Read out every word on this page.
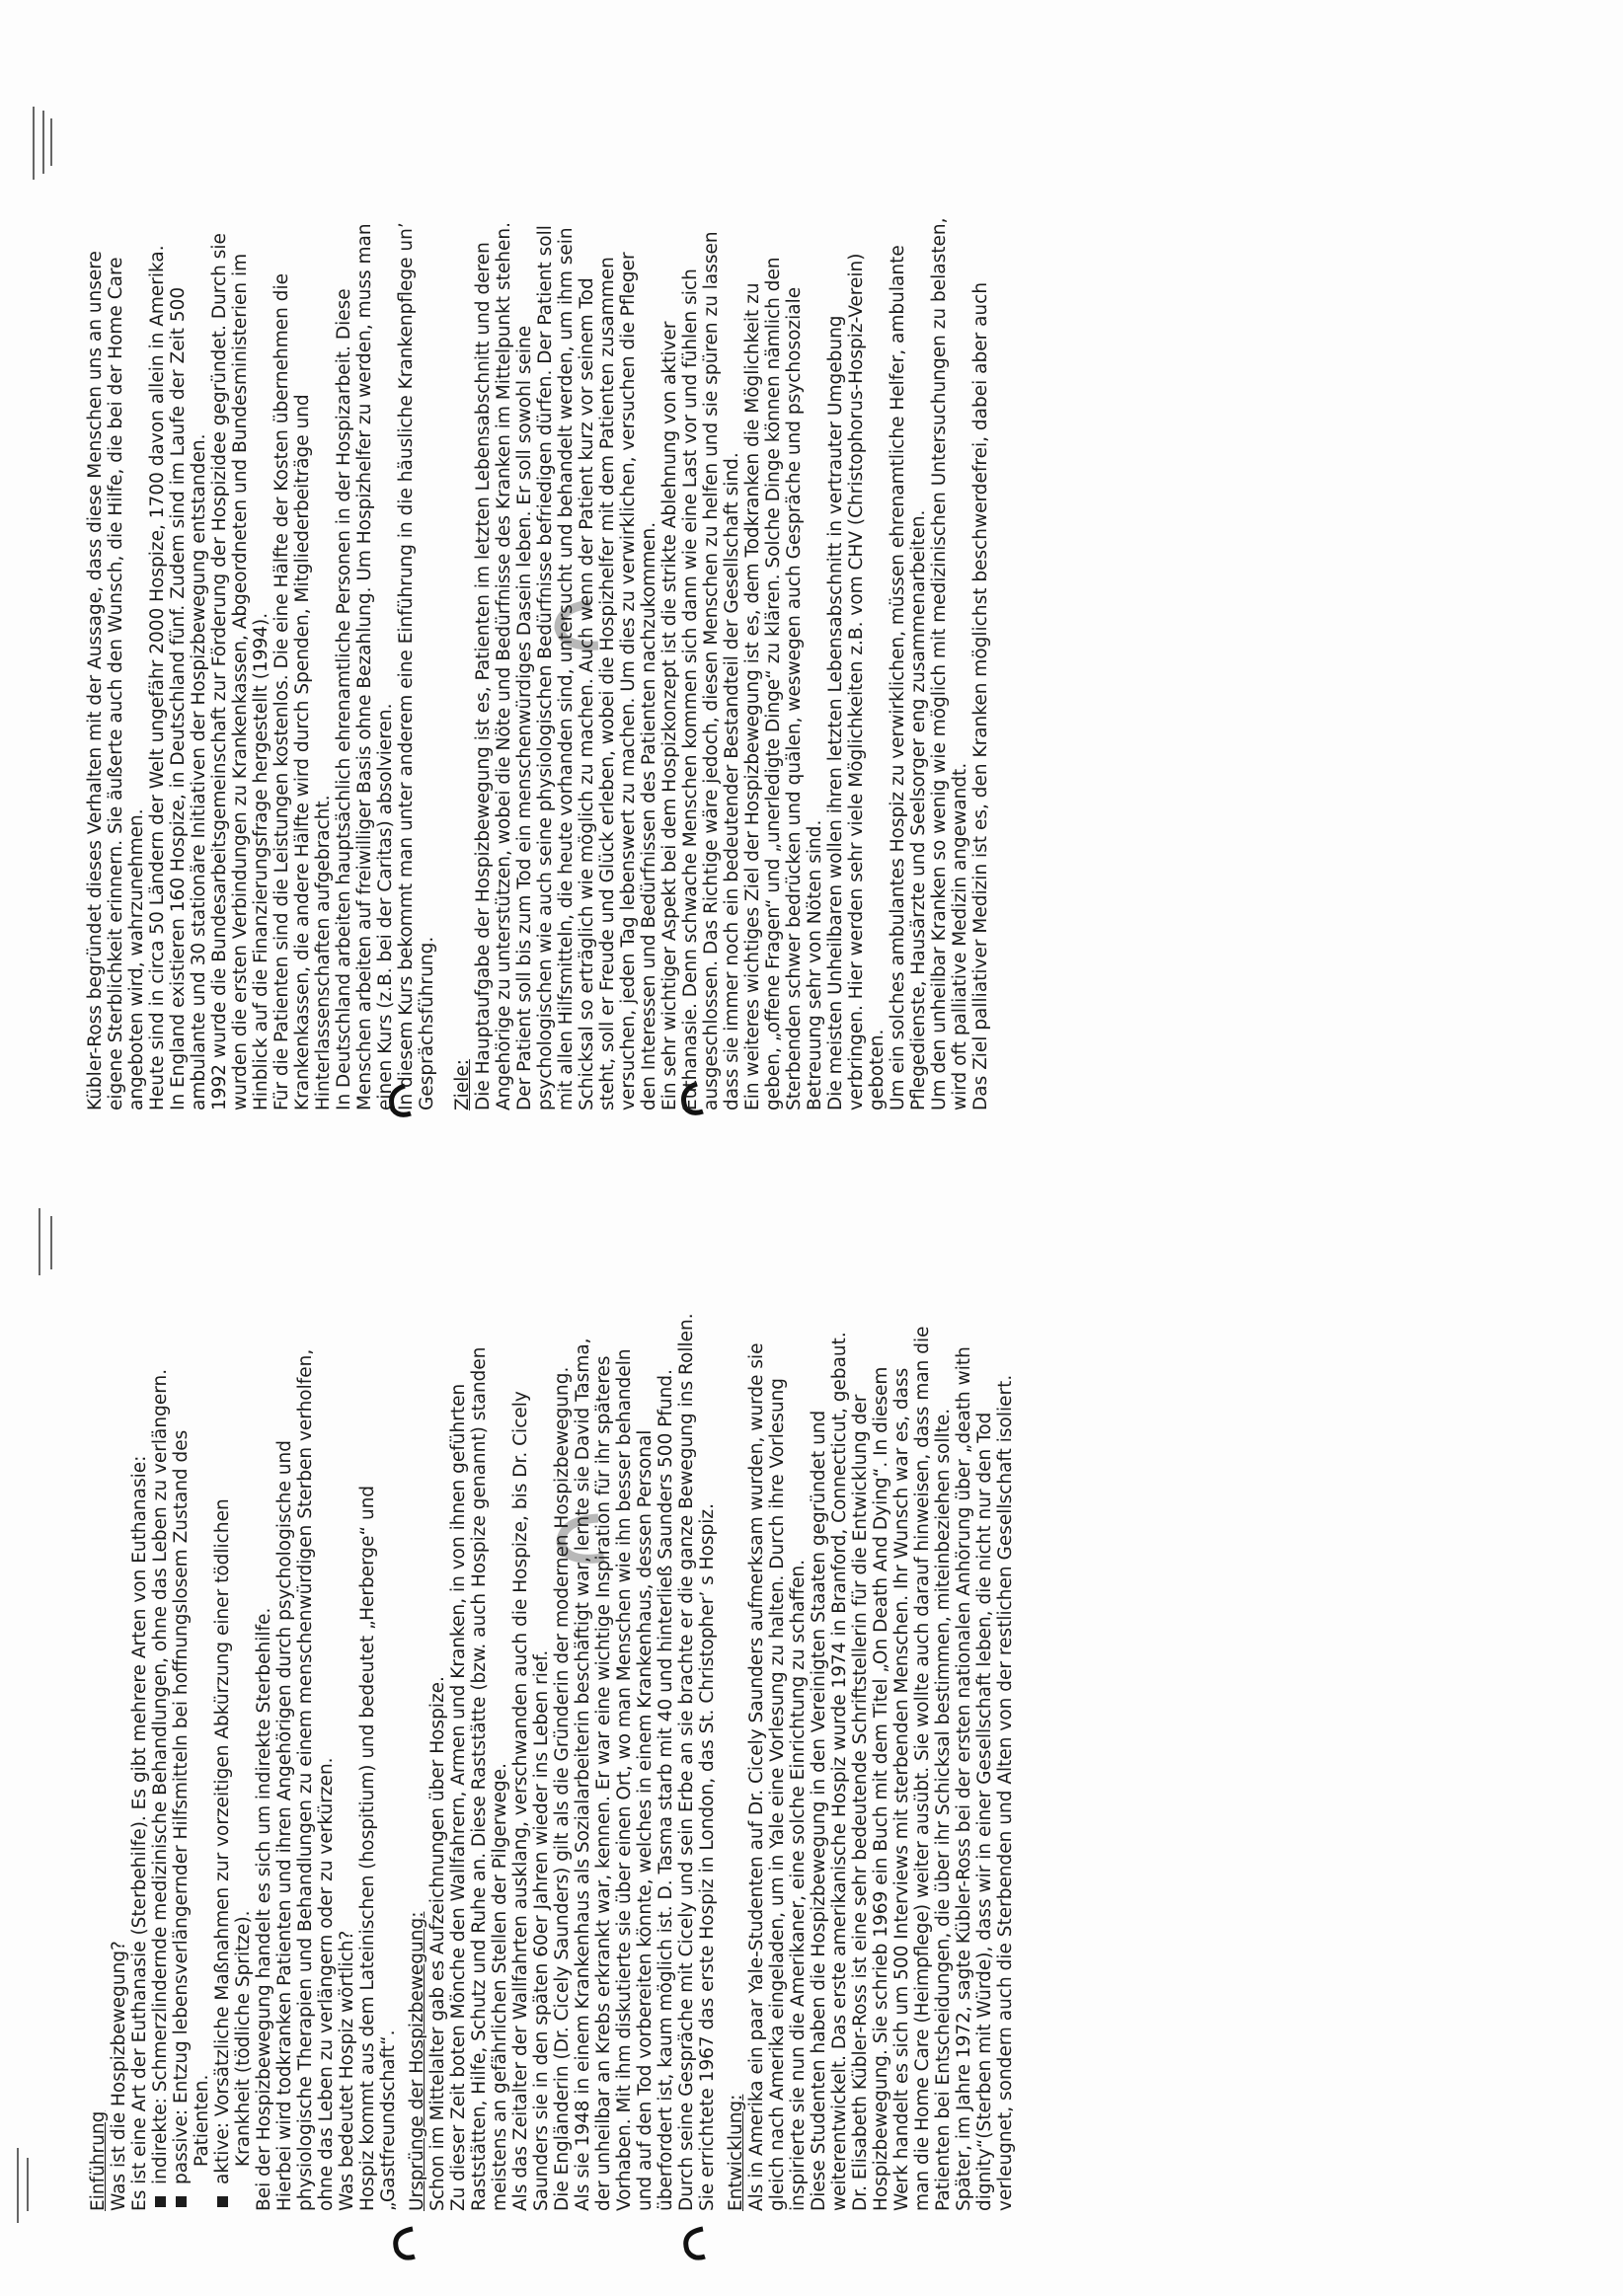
Einführung Was ist die Hospizbewegung? Es ist eine Art der Euthanasie (Sterbehilfe). Es gibt mehrere Arten von Euthanasie: indirekte: Schmerzlindernde medizinische Behandlungen, ohne das Leben zu verlängern. passive: Entzug lebensverlängernder Hilfsmitteln bei hoffnungslosem Zustand des Patienten. aktive: Vorsätzliche Maßnahmen zur vorzeitigen Abkürzung einer tödlichen Krankheit (tödliche Spritze). Bei der Hospizbewegung handelt es sich um indirekte Sterbehilfe. Hierbei wird todkranken Patienten und ihren Angehörigen durch psychologische und physiologische Therapien und Behandlungen zu einem menschenwürdigen Sterben verholfen, ohne das Leben zu verlängern oder zu verkürzen. Was bedeutet Hospiz wörtlich? Hospiz kommt aus dem Lateinischen (hospitium) und bedeutet „Herberge“ und „Gastfreundschaft“. Ursprünge der Hospizbewegung: Schon im Mittelalter gab es Aufzeichnungen über Hospize. Zu dieser Zeit boten Mönche den Wallfahrern, Armen und Kranken, in von ihnen geführten Raststätten, Hilfe, Schutz und Ruhe an. Diese Raststätte (bzw. auch Hospize genannt) standen meistens an gefährlichen Stellen der Pilgerwege. Als das Zeitalter der Wallfahrten ausklang, verschwanden auch die Hospize, bis Dr. Cicely Saunders sie in den späten 60er Jahren wieder ins Leben rief. Die Engländerin (Dr. Cicely Saunders) gilt als die Gründerin der modernen Hospizbewegung. Als sie 1948 in einem Krankenhaus als Sozialarbeiterin beschäftigt war, lernte sie David Tasma, der unheilbar an Krebs erkrankt war, kennen. Er war eine wichtige Inspiration für ihr späteres Vorhaben. Mit ihm diskutierte sie über einen Ort, wo man Menschen wie ihn besser behandeln und auf den Tod vorbereiten könnte, welches in einem Krankenhaus, dessen Personal überfordert ist, kaum möglich ist. D. Tasma starb mit 40 und hinterließ Saunders 500 Pfund. Durch seine Gespräche mit Cicely und sein Erbe an sie brachte er die ganze Bewegung ins Rollen. Sie errichtete 1967 das erste Hospiz in London, das St. Christopher’ s Hospiz. Entwicklung: Als in Amerika ein paar Yale-Studenten auf Dr. Cicely Saunders aufmerksam wurden, wurde sie gleich nach Amerika eingeladen, um in Yale eine Vorlesung zu halten. Durch ihre Vorlesung inspirierte sie nun die Amerikaner, eine solche Einrichtung zu schaffen. Diese Studenten haben die Hospizbewegung in den Vereinigten Staaten gegründet und weiterentwickelt. Das erste amerikanische Hospiz wurde 1974 in Branford, Connecticut, gebaut. Dr. Elisabeth Kübler-Ross ist eine sehr bedeutende Schriftstellerin für die Entwicklung der Hospizbewegung. Sie schrieb 1969 ein Buch mit dem Titel „On Death And Dying“. In diesem Werk handelt es sich um 500 Interviews mit sterbenden Menschen. Ihr Wunsch war es, dass man die Home Care (Heimpflege) weiter ausübt. Sie wollte auch darauf hinweisen, dass man die Patienten bei Entscheidungen, die über ihr Schicksal bestimmen, miteinbeziehen sollte. Später, im Jahre 1972, sagte Kübler-Ross bei der ersten nationalen Anhörung über „death with dignity“(Sterben mit Würde), dass wir in einer Gesellschaft leben, die nicht nur den Tod verleugnet, sondern auch die Sterbenden und Alten von der restlichen Gesellschaft isoliert.
Kübler-Ross begründet dieses Verhalten mit der Aussage, dass diese Menschen uns an unsere eigene Sterblichkeit erinnern. Sie äußerte auch den Wunsch, die Hilfe, die bei der Home Care angeboten wird, wahrzunehmen. Heute sind in circa 50 Ländern der Welt ungefähr 2000 Hospize, 1700 davon allein in Amerika. In England existieren 160 Hospize, in Deutschland fünf. Zudem sind im Laufe der Zeit 500 ambulante und 30 stationäre Initiativen der Hospizbewegung entstanden. 1992 wurde die Bundesarbeitsgemeinschaft zur Förderung der Hospizidee gegründet. Durch sie wurden die ersten Verbindungen zu Krankenkassen, Abgeordneten und Bundesministerien im Hinblick auf die Finanzierungsfrage hergestellt (1994). Für die Patienten sind die Leistungen kostenlos. Die eine Hälfte der Kosten übernehmen die Krankenkassen, die andere Hälfte wird durch Spenden, Mitgliederbeiträge und Hinterlassenschaften aufgebracht. In Deutschland arbeiten hauptsächlich ehrenamtliche Personen in der Hospizarbeit. Diese Menschen arbeiten auf freiwilliger Basis ohne Bezahlung. Um Hospizhelfer zu werden, muss man einen Kurs (z.B. bei der Caritas) absolvieren. In diesem Kurs bekommt man unter anderem eine Einführung in die häusliche Krankenpflege un’ Gesprächsführung. Ziele: Die Hauptaufgabe der Hospizbewegung ist es, Patienten im letzten Lebensabschnitt und deren Angehörige zu unterstützen, wobei die Nöte und Bedürfnisse des Kranken im Mittelpunkt stehen. Der Patient soll bis zum Tod ein menschenwürdiges Dasein leben. Er soll sowohl seine psychologischen wie auch seine physiologischen Bedürfnisse befriedigen dürfen. Der Patient soll mit allen Hilfsmitteln, die heute vorhanden sind, untersucht und behandelt werden, um ihm sein Schicksal so erträglich wie möglich zu machen. Auch wenn der Patient kurz vor seinem Tod steht, soll er Freude und Glück erleben, wobei die Hospizhelfer mit dem Patienten zusammen versuchen, jeden Tag lebenswert zu machen. Um dies zu verwirklichen, versuchen die Pfleger den Interessen und Bedürfnissen des Patienten nachzukommen. Ein sehr wichtiger Aspekt bei dem Hospizkonzept ist die strikte Ablehnung von aktiver Euthanasie. Denn schwache Menschen kommen sich dann wie eine Last vor und fühlen sich ausgeschlossen. Das Richtige wäre jedoch, diesen Menschen zu helfen und sie spüren zu lassen dass sie immer noch ein bedeutender Bestandteil der Gesellschaft sind. Ein weiteres wichtiges Ziel der Hospizbewegung ist es, dem Todkranken die Möglichkeit zu geben, „offene Fragen“ und „unerledigte Dinge“ zu klären. Solche Dinge können nämlich den Sterbenden schwer bedrücken und quälen, weswegen auch Gespräche und psychosoziale Betreuung sehr von Nöten sind. Die meisten Unheilbaren wollen ihren letzten Lebensabschnitt in vertrauter Umgebung verbringen. Hier werden sehr viele Möglichkeiten z.B. vom CHV (Christophorus-Hospiz-Verein) geboten. Um ein solches ambulantes Hospiz zu verwirklichen, müssen ehrenamtliche Helfer, ambulante Pflegedienste, Hausärzte und Seelsorger eng zusammenarbeiten. Um den unheilbar Kranken so wenig wie möglich mit medizinischen Untersuchungen zu belasten, wird oft palliative Medizin angewandt. Das Ziel palliativer Medizin ist es, den Kranken möglichst beschwerdefrei, dabei aber auch
